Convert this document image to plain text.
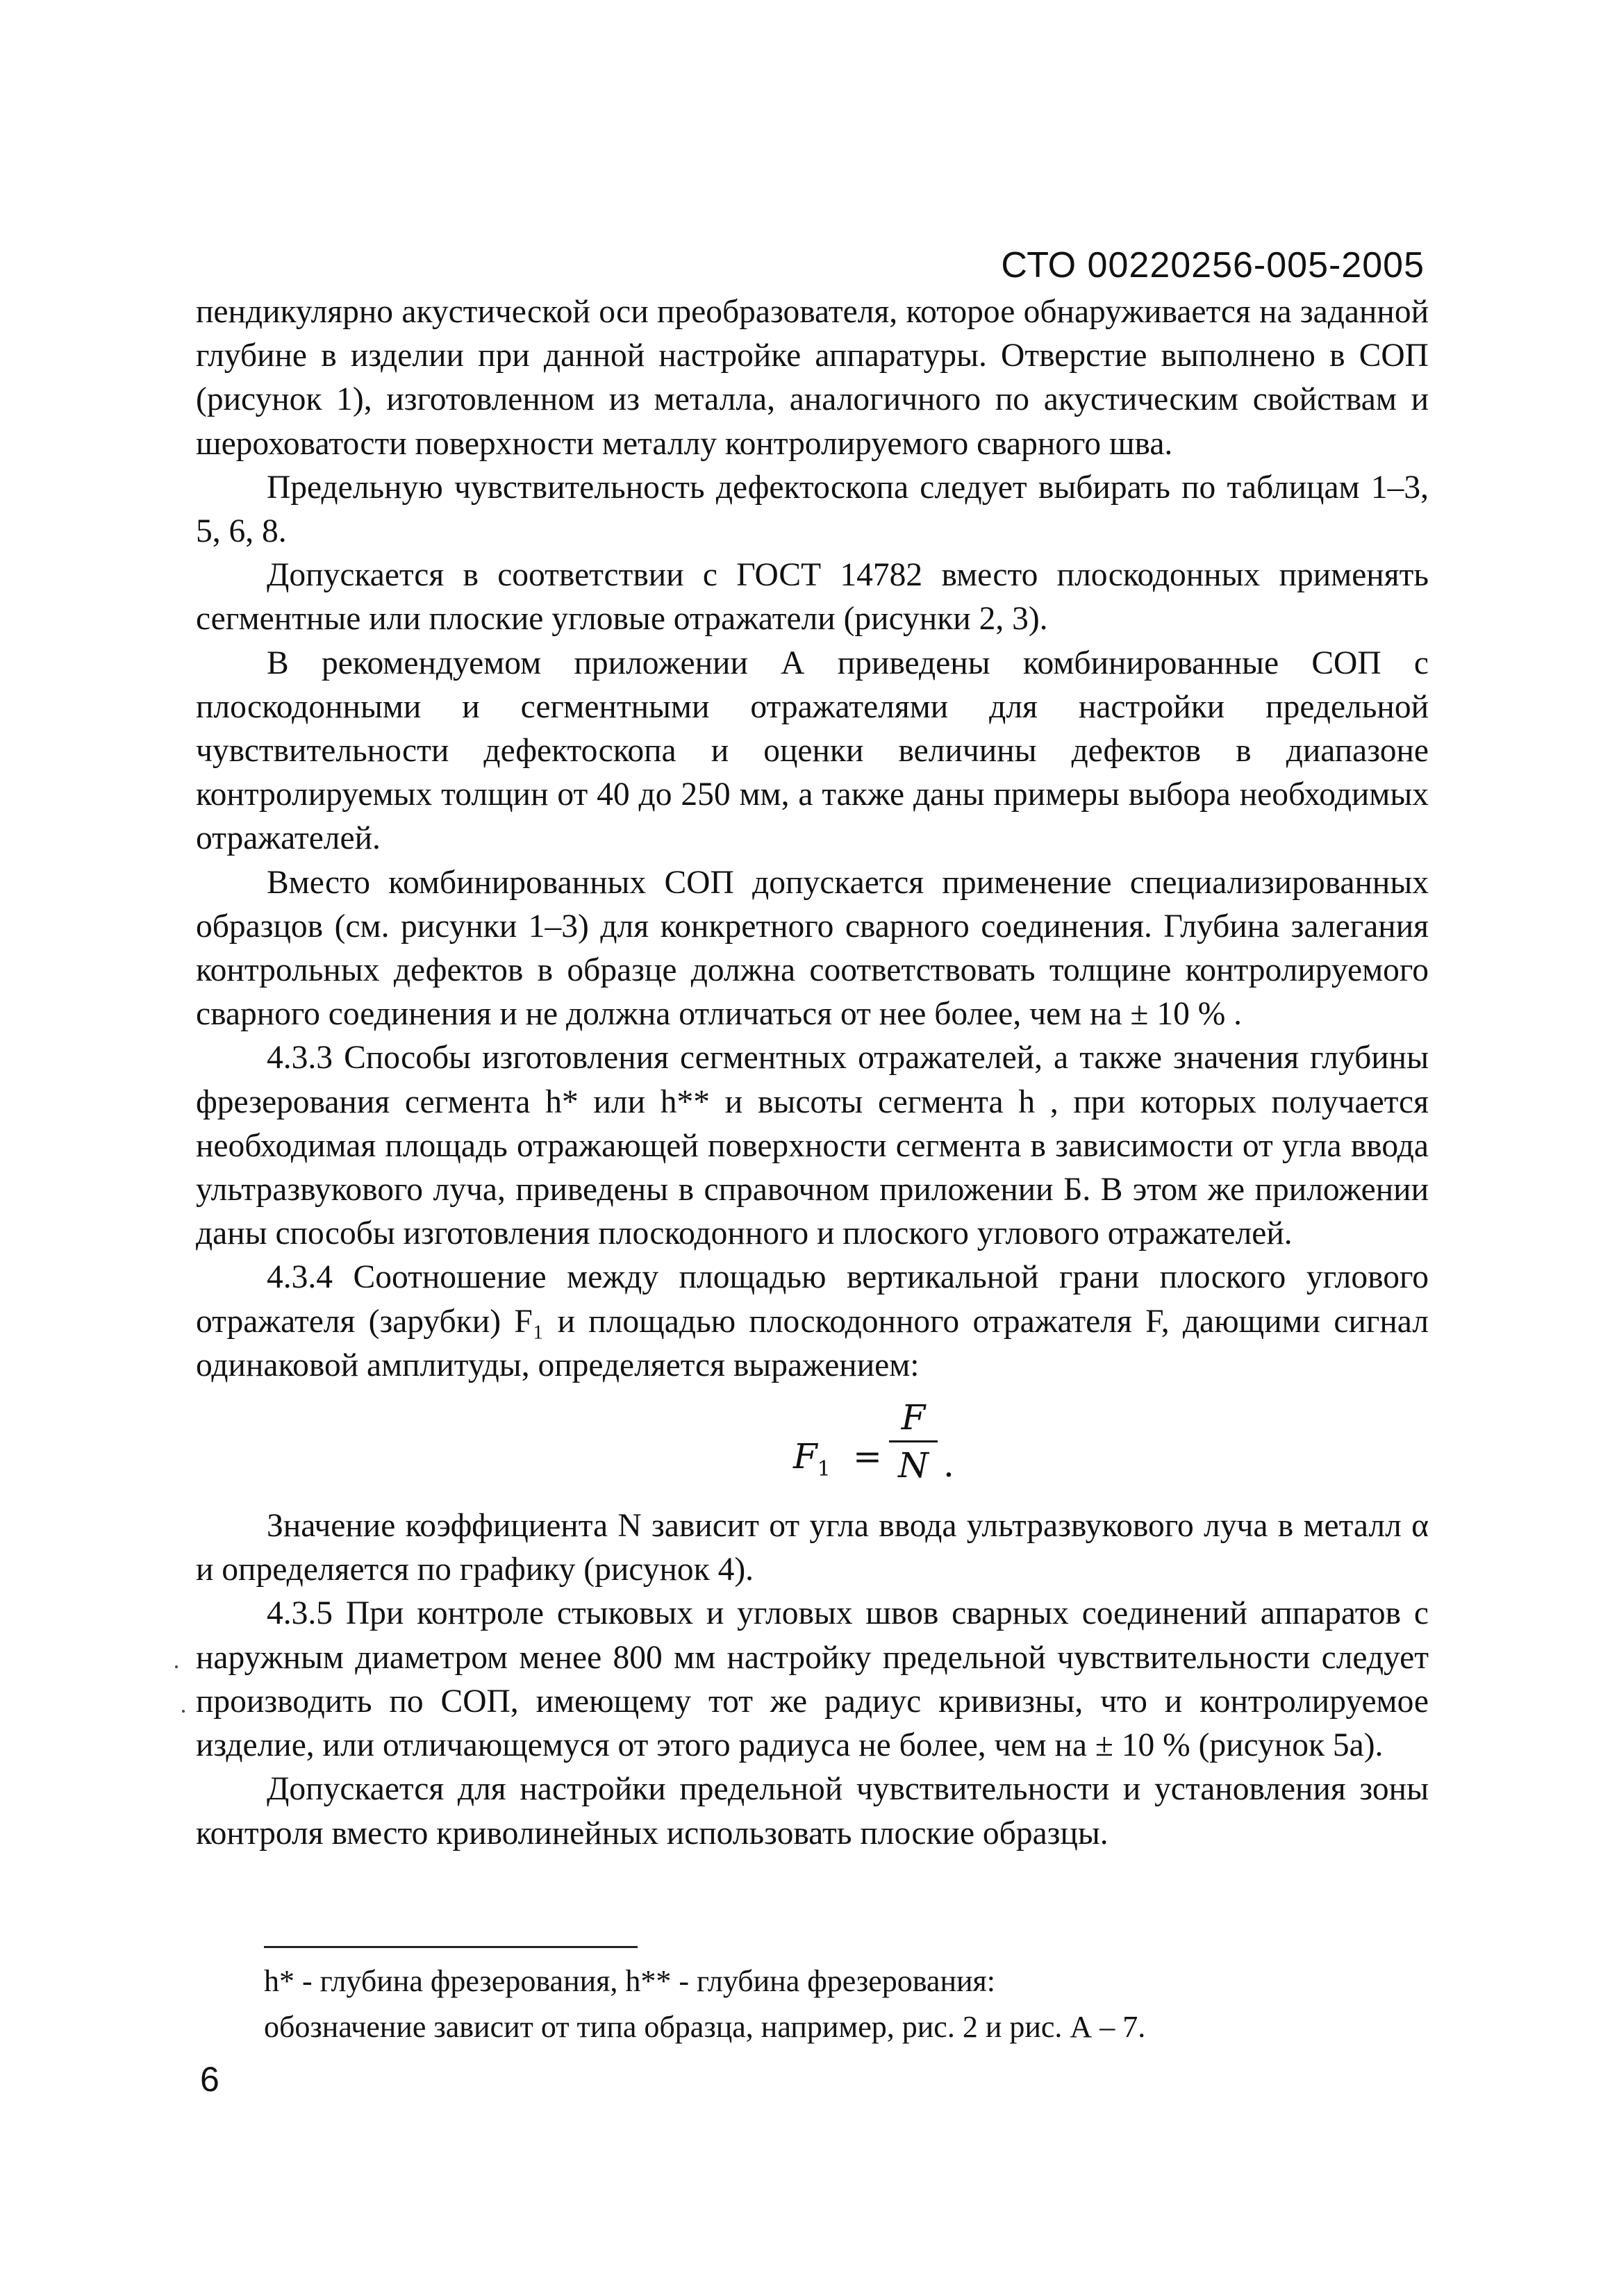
СТО 00220256-005-2005

пендикулярно акустической оси преобразователя, которое обнаруживается на заданной глубине в изделии при данной настройке аппаратуры. Отверстие выполнено в СОП (рисунок 1), изготовленном из металла, аналогичного по акустическим свойствам и шероховатости поверхности металлу контролируемого сварного шва.

Предельную чувствительность дефектоскопа следует выбирать по таблицам 1–3, 5, 6, 8.

Допускается в соответствии с ГОСТ 14782 вместо плоскодонных применять сегментные или плоские угловые отражатели (рисунки 2, 3).

В рекомендуемом приложении А приведены комбинированные СОП с плоскодонными и сегментными отражателями для настройки предельной чувствительности дефектоскопа и оценки величины дефектов в диапазоне контролируемых толщин от 40 до 250 мм, а также даны примеры выбора необходимых отражателей.

Вместо комбинированных СОП допускается применение специализированных образцов (см. рисунки 1–3) для конкретного сварного соединения. Глубина залегания контрольных дефектов в образце должна соответствовать толщине контролируемого сварного соединения и не должна отличаться от нее более, чем на ± 10 % .

4.3.3 Способы изготовления сегментных отражателей, а также значения глубины фрезерования сегмента h* или h** и высоты сегмента h , при которых получается необходимая площадь отражающей поверхности сегмента в зависимости от угла ввода ультразвукового луча, приведены в справочном приложении Б. В этом же приложении даны способы изготовления плоскодонного и плоского углового отражателей.

4.3.4 Соотношение между площадью вертикальной грани плоского углового отражателя (зарубки) F₁ и площадью плоскодонного отражателя F, дающими сигнал одинаковой амплитуды, определяется выражением:

$F_1$ =
F
N .

Значение коэффициента N зависит от угла ввода ультразвукового луча в металл α и определяется по графику (рисунок 4).

4.3.5 При контроле стыковых и угловых швов сварных соединений аппаратов с наружным диаметром менее 800 мм настройку предельной чувствительности следует производить по СОП, имеющему тот же радиус кривизны, что и контролируемое изделие, или отличающемуся от этого радиуса не более, чем на ± 10 % (рисунок 5а).

Допускается для настройки предельной чувствительности и установления зоны контроля вместо криволинейных использовать плоские образцы.

h* - глубина фрезерования, h** - глубина фрезерования:
обозначение зависит от типа образца, например, рис. 2 и рис. А – 7.
6
